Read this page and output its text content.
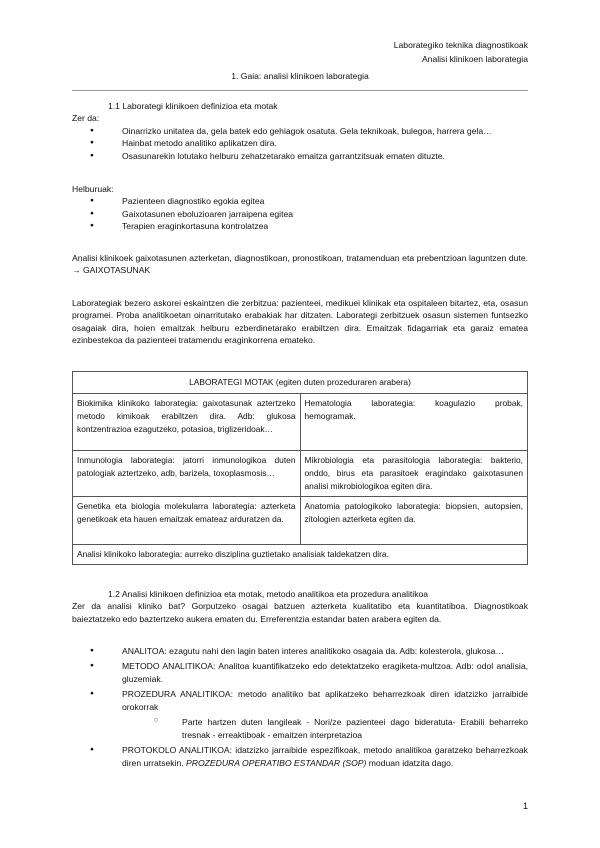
Laborategiko teknika diagnostikoak
Analisi klinikoen laborategia
1. Gaia: analisi klinikoen laborategia
1.1 Laborategi klinikoen definizioa eta motak
Zer da:
● Oinarrizko unitatea da, gela batek edo gehiagok osatuta. Gela teknikoak, bulegoa, harrera gela…
● Hainbat metodo analitiko aplikatzen dira.
● Osasunarekin lotutako helburu zehatzetarako emaitza garrantzitsuak ematen dituzte.
Helburuak:
● Pazienteen diagnostiko egokia egitea
● Gaixotasunen eboluzioaren jarraipena egitea
● Terapien eraginkortasuna kontrolatzea
Analisi klinikoek gaixotasunen azterketan, diagnostikoan, pronostikoan, tratamenduan eta prebentzioan laguntzen dute. → GAIXOTASUNAK
Laborategiak bezero askorei eskaintzen die zerbitzua: pazienteei, medikuei klinikak eta ospitaleen bitartez, eta, osasun programei. Proba analitikoetan oinarritutako erabakiak har ditzaten. Laborategi zerbitzuek osasun sistemen funtsezko osagaiak dira, hoien emaitzak helburu ezberdinetarako erabiltzen dira. Emaitzak fidagarriak eta garaiz ematea ezinbestekoa da pazienteei tratamendu eraginkorrena emateko.
LABORATEGI MOTAK (egiten duten prozeduraren arabera)	
Biokimika klinikoko laborategia: gaixotasunak aztertzeko metodo kimikoak erabiltzen dira. Adb: glukosa kontzentrazioa ezagutzeko, potasioa, triglizeridoak…	Hematologia laborategia: koagulazio probak, hemogramak.
Inmunologia laborategia: jatorri inmunologikoa duten patologiak aztertzeko, adb, barizela, toxoplasmosis…	Mikrobiologia eta parasitologia laborategia: bakterio, onddo, birus eta parasitoek eragindako gaixotasunen analisi mikrobiologikoa egiten dira.
Genetika eta biologia molekularra laborategia: azterketa genetikoak eta hauen emaitzak emateaz arduratzen da.	Anatomia patologikoko laborategia: biopsien, autopsien, zitologien azterketa egiten da.
Analisi klinikoko laborategia: aurreko disziplina guztietako analisiak taldekatzen dira.	
1.2 Analisi klinikoen definizioa eta motak, metodo analitikoa eta prozedura analitikoa
Zer da analisi kliniko bat? Gorputzeko osagai batzuen azterketa kualitatibo eta kuantitatiboa. Diagnostikoak baieztatzeko edo baztertzeko aukera ematen du. Erreferentzia estandar baten arabera egiten da.
● ANALITOA: ezagutu nahi den lagin baten interes analitikoko osagaia da. Adb: kolesterola, glukosa…
● METODO ANALITIKOA: Analitoa kuantifikatzeko edo detektatzeko eragiketa-multzoa. Adb: odol analisia, gluzemiak.
● PROZEDURA ANALITIKOA: metodo analitiko bat aplikatzeko beharrezkoak diren idatzizko jarraibide orokorrak
○ Parte hartzen duten langileak - Nori/ze pazienteei dago bideratuta- Erabili beharreko tresnak - erreaktiboak - emaitzen interpretazioa
● PROTOKOLO ANALITIKOA: idatzizko jarraibide espezifikoak, metodo analitikoa garatzeko beharrezkoak diren urratsekin. PROZEDURA OPERATIBO ESTANDAR (SOP) moduan idatzita dago.
1
